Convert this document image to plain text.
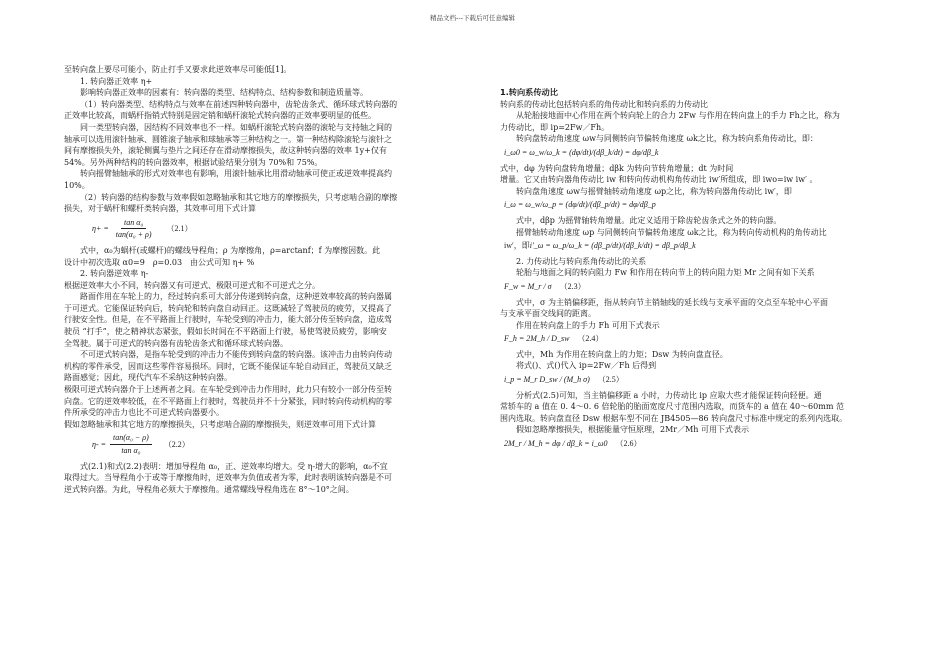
精品文档---下载后可任意编辑

至转向盘上要尽可能小，防止打手又要求此逆效率尽可能低[1]。

1. 转向器正效率 η+

影响转向器正效率的因素有：转向器的类型、结构特点、结构参数和制造质量等。

（1）转向器类型、结构特点与效率在前述四种转向器中，齿轮齿条式、循环球式转向器的

正效率比较高，而蜗杆指销式特别是固定销和蜗杆滚轮式转向器的正效率要明显的低些。

同一类型转向器，因结构不同效率也不一样。如蜗杆滚轮式转向器的滚轮与支持轴之间的

轴承可以选用滚针轴承、圆锥滚子轴承和球轴承等三种结构之一。第一种结构除滚轮与滚针之

间有摩擦损失外，滚轮侧翼与垫片之间还存在滑动摩擦损失，故这种转向器的效率 1y+仅有

54%。另外两种结构的转向器效率，根据试验结果分别为 70%和 75%。

转向摇臂轴轴承的形式对效率也有影响，用滚针轴承比用滑动轴承可使正或逆效率提高约

10%。

（2）转向器的结构参数与效率假如忽略轴承和其它地方的摩擦损失，只考虑啮合副的摩擦

损失，对于蜗杆和螺杆类转向器，其效率可用下式计算

$\eta+ = \frac{\text{tan α₀}}{\text{tan(α₀ + ρ)}} (2.1)$

式中，α₀为蜗杆(或螺杆)的螺线导程角；ρ 为摩擦角，ρ=arctanf；f 为摩擦因数。此

设计中初次选取 α0=9　ρ=0.03　由公式可知 η+ %

2. 转向器逆效率 η-

根据逆效率大小不同，转向器又有可逆式、极限可逆式和不可逆式之分。

路面作用在车轮上的力，经过转向系可大部分传递到转向盘，这种逆效率较高的转向器属

于可逆式。它能保证转向后，转向轮和转向盘自动回正。这既减轻了驾驶员的疲劳，又提高了

行驶安全性。但是，在不平路面上行驶时，车轮受到的冲击力，能大部分传至转向盘，造成驾

驶员 “打手”，使之精神状态紧张，假如长时间在不平路面上行驶，易使驾驶员疲劳，影响安

全驾驶。属于可逆式的转向器有齿轮齿条式和循环球式转向器。

不可逆式转向器，是指车轮受到的冲击力不能传到转向盘的转向器。该冲击力由转向传动

机构的零件承受，因而这些零件容易损坏。同时，它既不能保证车轮自动回正，驾驶员又缺乏

路面感觉；因此，现代汽车不采纳这种转向器。

极限可逆式转向器介于上述两者之间。在车轮受到冲击力作用时，此力只有较小一部分传至转

向盘。它的逆效率较低，在不平路面上行驶时，驾驶员并不十分紧张，同时转向传动机构的零

件所承受的冲击力也比不可逆式转向器要小。

假如忽略轴承和其它地方的摩擦损失，只考虑啮合副的摩擦损失，则逆效率可用下式计算

$\eta- = \frac{\text{tan(α₀ − ρ)}}{\text{tan α₀}} (2.2)$

式(2.1)和式(2.2)表明：增加导程角 α₀，正、逆效率均增大。受 η-增大的影响，α₀不宜

取得过大。当导程角小于或等于摩擦角时，逆效率为负值或者为零，此时表明该转向器是不可

逆式转向器。为此，导程角必须大于摩擦角。通常螺线导程角选在 8°～10°之间。

1.转向系传动比

转向系的传动比包括转向系的角传动比和转向系的力传动比

从轮胎接地面中心作用在两个转向轮上的合力 2Fw 与作用在转向盘上的手力 Fh之比，称为

力传动比，即 ip=2Fw／Fh。

转向盘转动角速度 ωw与同侧转向节偏转角速度 ωk之比，称为转向系角传动比，即：

i_ω0 = ω_w/ω_k = (dφ/dt)/(dβ_k/dt) = dφ/dβ_k

式中，dφ 为转向盘转角增量；dβk 为转向节转角增量；dt 为时间

增量。它又由转向器角传动比 iw 和转向传动机构角传动比 iw′所组成，即 iwo=iw iw′ 。

转向盘角速度 ωw与摇臂轴转动角速度 ωp之比，称为转向器角传动比 iw′，即

i_ω = ω_w/ω_p = (dφ/dt)/(dβ_p/dt) = dφ/dβ_p

式中，dβp 为摇臂轴转角增量。此定义适用于除齿轮齿条式之外的转向器。

摇臂轴转动角速度 ωp 与同侧转向节偏转角速度 ωk之比，称为转向传动机构的角传动比

iw′，即 i′_ω = ω_p/ω_k = (dβ_p/dt)/(dβ_k/dt) = dβ_p/dβ_k

2. 力传动比与转向系角传动比的关系

轮胎与地面之间的转向阻力 Fw 和作用在转向节上的转向阻力矩 Mr 之间有如下关系

F_w = M_r / σ （2.3）

式中，σ 为主销偏移距，指从转向节主销轴线的延长线与支承平面的交点至车轮中心平面

与支承平面交线间的距离。

作用在转向盘上的手力 Fh 可用下式表示

F_h = 2M_h / D_sw （2.4）

式中，Mh 为作用在转向盘上的力矩；Dsw 为转向盘直径。

将式()、式()代入 ip=2Fw／Fh 后得到

i_p = M_r D_sw / (M_h σ) （2.5）

分析式(2.5)可知，当主销偏移距 a 小时，力传动比 ip 应取大些才能保证转向轻便。通

常轿车的 a 值在 0. 4～0. 6 倍轮胎的胎面宽度尺寸范围内选取，而货车的 a 值在 40～60mm 范

围内选取。转向盘直径 Dsw 根据车型不同在 JB4505—86 转向盘尺寸标准中规定的系列内选取。

假如忽略摩擦损失，根据能量守恒原理，2Mr／Mh 可用下式表示

2M_r / M_h = dφ / dβ_k = i_ω0 （2.6）
